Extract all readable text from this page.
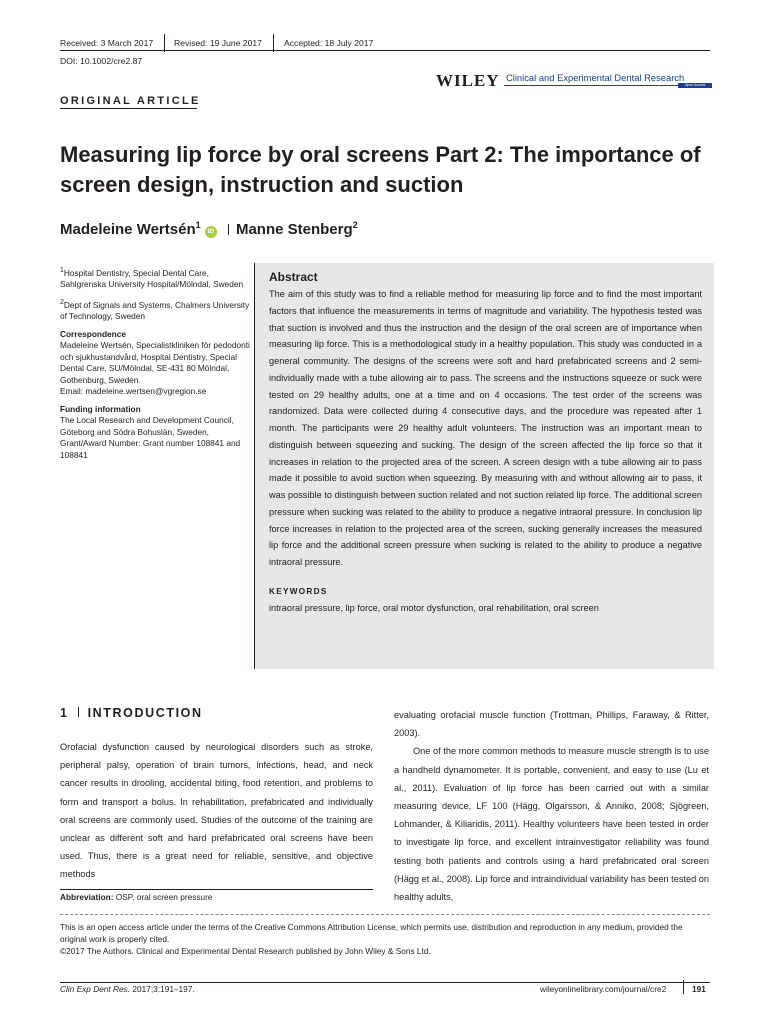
Received: 3 March 2017 Revised: 19 June 2017	Accepted: 18 July 2017
DOI: 10.1002/cre2.87
WILEY Clinical and Experimental Dental Research
Open Access
ORIGINAL ARTICLE
Measuring lip force by oral screens Part 2: The importance of screen design, instruction and suction
Madeleine Wertsén$^1$ iD Manne Stenberg$^2$
$^1$Hospital Dentistry, Special Dental Care, Sahlgrenska University Hospital/Mölndal, Sweden
$^2$Dept of Signals and Systems, Chalmers University of Technology, Sweden
Correspondence
Madeleine Wertsén, Specialistkliniken för pedodonti och sjukhustandvård, Hospital Dentistry, Special Dental Care, SU/Mölndal, SE-431 80 Mölndal, Gothenburg, Sweden.
Email: madeleine.wertsen@vgregion.se
Funding information
The Local Research and Development Council, Göteborg and Södra Bohuslän, Sweden, Grant/Award Number: Grant number 108841 and 108841
Abstract
The aim of this study was to find a reliable method for measuring lip force and to find the most important factors that influence the measurements in terms of magnitude and variability. The hypothesis tested was that suction is involved and thus the instruction and the design of the oral screen are of importance when measuring lip force. This is a methodological study in a healthy population. This study was conducted in a general community. The designs of the screens were soft and hard prefabricated screens and 2 semi-individually made with a tube allowing air to pass. The screens and the instructions squeeze or suck were tested on 29 healthy adults, one at a time and on 4 occasions. The test order of the screens was randomized. Data were collected during 4 consecutive days, and the procedure was repeated after 1 month. The participants were 29 healthy adult volunteers. The instruction was an important mean to distinguish between squeezing and sucking. The design of the screen affected the lip force so that it increases in relation to the projected area of the screen. A screen design with a tube allowing air to pass made it possible to avoid suction when squeezing. By measuring with and without allowing air to pass, it was possible to distinguish between suction related and not suction related lip force. The additional screen pressure when sucking was related to the ability to produce a negative intraoral pressure. In conclusion lip force increases in relation to the projected area of the screen, sucking generally increases the measured lip force and the additional screen pressure when sucking is related to the ability to produce a negative intraoral pressure.
KEYWORDS
intraoral pressure, lip force, oral motor dysfunction, oral rehabilitation, oral screen
1 INTRODUCTION

Orofacial dysfunction caused by neurological disorders such as stroke, peripheral palsy, operation of brain tumors, infections, head, and neck cancer results in drooling, accidental biting, food retention, and problems to form and transport a bolus. In rehabilitation, prefabricated and individually oral screens are commonly used. Studies of the outcome of the training are unclear as different soft and hard prefabricated oral screens have been used. Thus, there is a great need for reliable, sensitive, and objective methods

evaluating orofacial muscle function (Trottman, Phillips, Faraway, & Ritter, 2003).

One of the more common methods to measure muscle strength is to use a handheld dynamometer. It is portable, convenient, and easy to use (Lu et al., 2011). Evaluation of lip force has been carried out with a similar measuring device, LF 100 (Hägg, Olgarsson, & Anniko, 2008; Sjögreen, Lohmander, & Kiliaridis, 2011). Healthy volunteers have been tested in order to investigate lip force, and excellent intrainvestigator reliability was found testing both patients and controls using a hard prefabricated oral screen (Hägg et al., 2008). Lip force and intraindividual variability has been tested on healthy adults,

Abbreviation: OSP, oral screen pressure
This is an open access article under the terms of the Creative Commons Attribution License, which permits use, distribution and reproduction in any medium, provided the original work is properly cited.
©2017 The Authors. Clinical and Experimental Dental Research published by John Wiley & Sons Ltd.
Clin Exp Dent Res. 2017;3:191–197.	wileyonlinelibrary.com/journal/cre2	191
